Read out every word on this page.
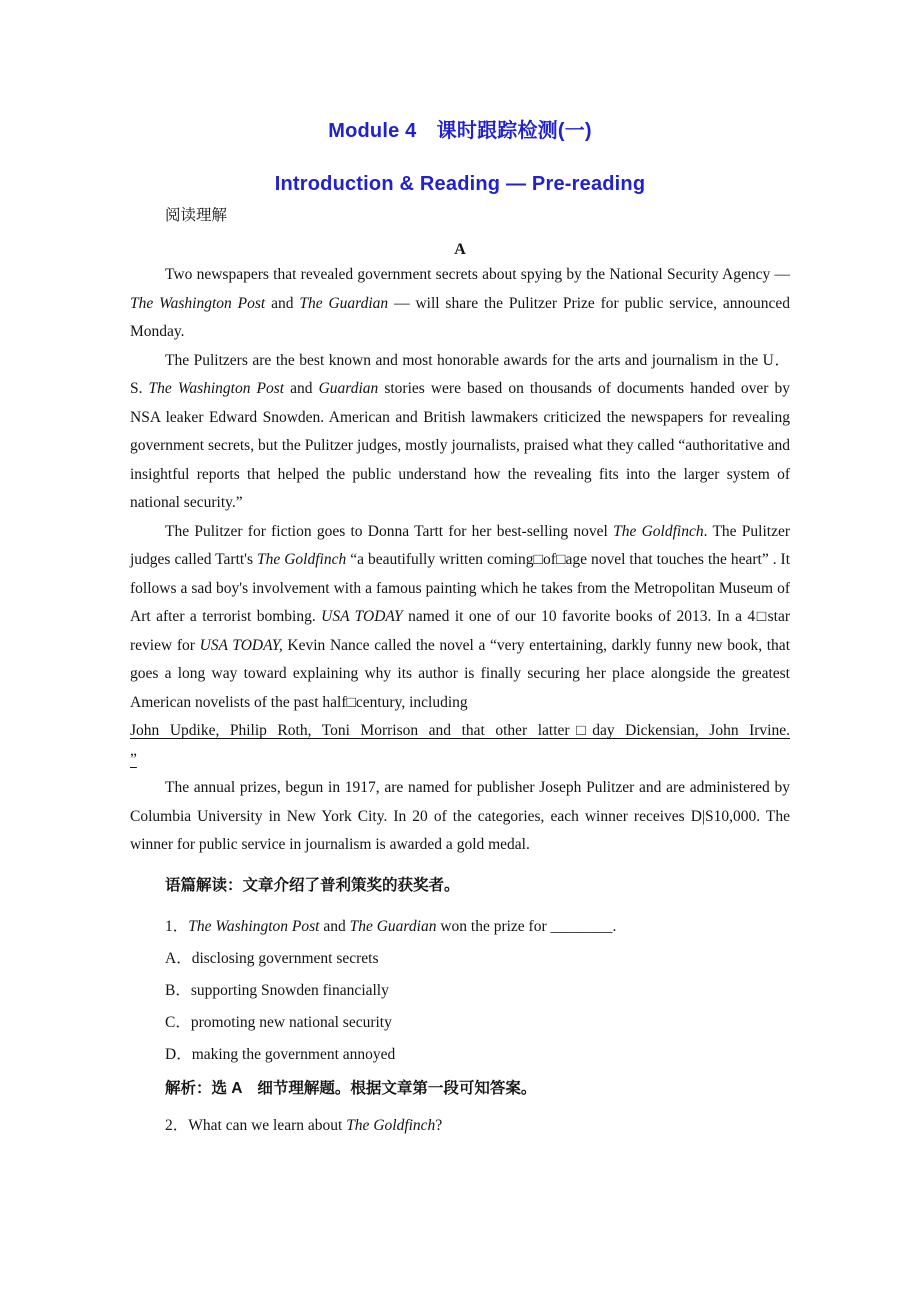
Module 4　课时跟踪检测(一)
Introduction & Reading — Pre-reading
阅读理解
A

Two newspapers that revealed government secrets about spying by the National Security Agency — The Washington Post and The Guardian — will share the Pulitzer Prize for public service, announced Monday.

The Pulitzers are the best known and most honorable awards for the arts and journalism in the U．S. The Washington Post and Guardian stories were based on thousands of documents handed over by NSA leaker Edward Snowden. American and British lawmakers criticized the newspapers for revealing government secrets, but the Pulitzer judges, mostly journalists, praised what they called “authoritative and insightful reports that helped the public understand how the revealing fits into the larger system of national security.”

The Pulitzer for fiction goes to Donna Tartt for her best-selling novel The Goldfinch. The Pulitzer judges called Tartt's The Goldfinch “a beautifully written coming□of□age novel that touches the heart” . It follows a sad boy's involvement with a famous painting which he takes from the Metropolitan Museum of Art after a terrorist bombing. USA TODAY named it one of our 10 favorite books of 2013. In a 4□star review for USA TODAY, Kevin Nance called the novel a “very entertaining, darkly funny new book, that goes a long way toward explaining why its author is finally securing her place alongside the greatest American novelists of the past half□century, including

John Updike, Philip Roth, Toni Morrison and that other latter□day Dickensian, John Irvine.
”

The annual prizes, begun in 1917, are named for publisher Joseph Pulitzer and are administered by Columbia University in New York City. In 20 of the categories, each winner receives D|S10,000. The winner for public service in journalism is awarded a gold medal.

语篇解读：文章介绍了普利策奖的获奖者。
1．The Washington Post and The Guardian won the prize for ________.
A．disclosing government secrets
B．supporting Snowden financially
C．promoting new national security
D．making the government annoyed
解析：选 A　细节理解题。根据文章第一段可知答案。
2．What can we learn about The Goldfinch?
